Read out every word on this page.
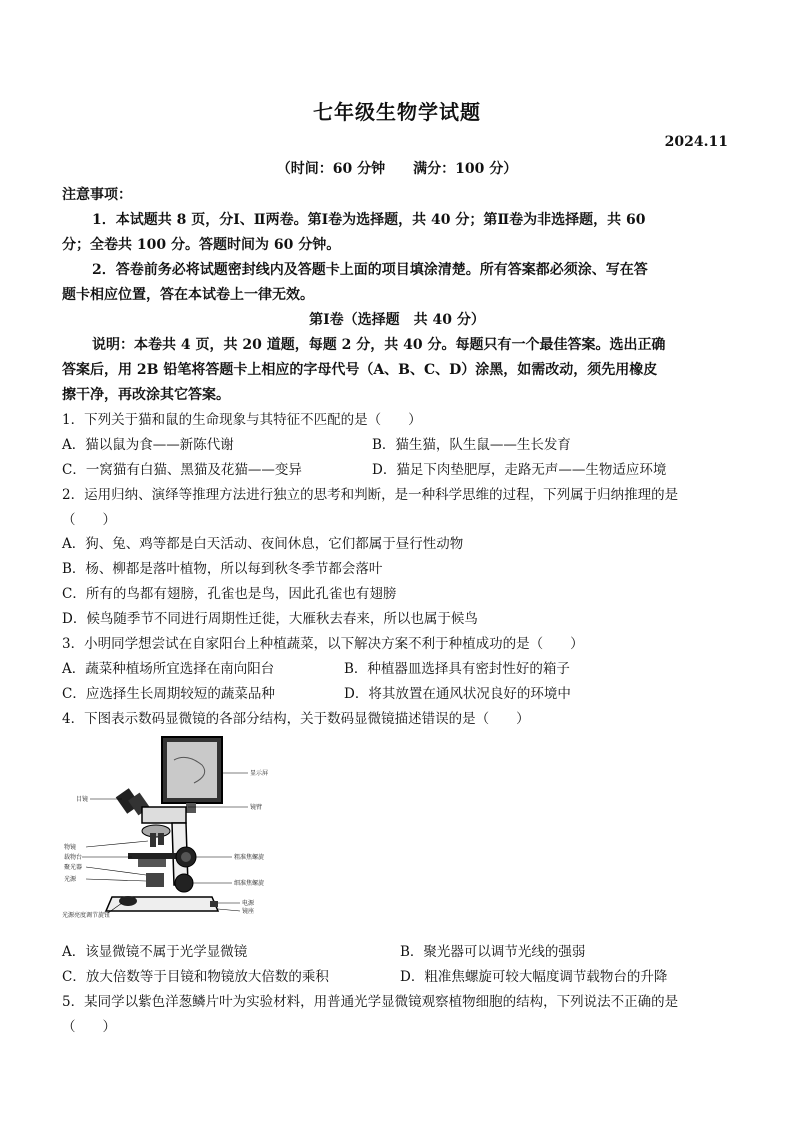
七年级生物学试题
2024.11
（时间：60 分钟　　满分：100 分）
注意事项：
1．本试题共 8 页，分Ⅰ、Ⅱ两卷。第Ⅰ卷为选择题，共 40 分；第Ⅱ卷为非选择题，共 60
分；全卷共 100 分。答题时间为 60 分钟。
2．答卷前务必将试题密封线内及答题卡上面的项目填涂清楚。所有答案都必须涂、写在答
题卡相应位置，答在本试卷上一律无效。
第Ⅰ卷（选择题　共 40 分）
说明：本卷共 4 页，共 20 道题，每题 2 分，共 40 分。每题只有一个最佳答案。选出正确
答案后，用 2B 铅笔将答题卡上相应的字母代号（A、B、C、D）涂黑，如需改动，须先用橡皮
擦干净，再改涂其它答案。
1．下列关于猫和鼠的生命现象与其特征不匹配的是（　　）
A．猫以鼠为食——新陈代谢	B．猫生猫，队生鼠——生长发育
C．一窝猫有白猫、黑猫及花猫——变异	D．猫足下肉垫肥厚，走路无声——生物适应环境
2．运用归纳、演绎等推理方法进行独立的思考和判断，是一种科学思维的过程，下列属于归纳推理的是
（　　）
A．狗、兔、鸡等都是白天活动、夜间休息，它们都属于昼行性动物
B．杨、柳都是落叶植物，所以每到秋冬季节都会落叶
C．所有的鸟都有翅膀，孔雀也是鸟，因此孔雀也有翅膀
D．候鸟随季节不同进行周期性迁徙，大雁秋去春来，所以也属于候鸟
3．小明同学想尝试在自家阳台上种植蔬菜，以下解决方案不利于种植成功的是（　　）
A．蔬菜种植场所宜选择在南向阳台	B．种植器皿选择具有密封性好的箱子
C．应选择生长周期较短的蔬菜品种	D．将其放置在通风状况良好的环境中
4．下图表示数码显微镜的各部分结构，关于数码显微镜描述错误的是（　　）
显示屏
目镜
镜臂
物镜
载物台
聚光器
光源
粗准焦螺旋
细准焦螺旋
电源
镜座
光源亮度调节旋钮
A．该显微镜不属于光学显微镜	B．聚光器可以调节光线的强弱
C．放大倍数等于目镜和物镜放大倍数的乘积	D．粗准焦螺旋可较大幅度调节载物台的升降
5．某同学以紫色洋葱鳞片叶为实验材料，用普通光学显微镜观察植物细胞的结构，下列说法不正确的是
（　　）
